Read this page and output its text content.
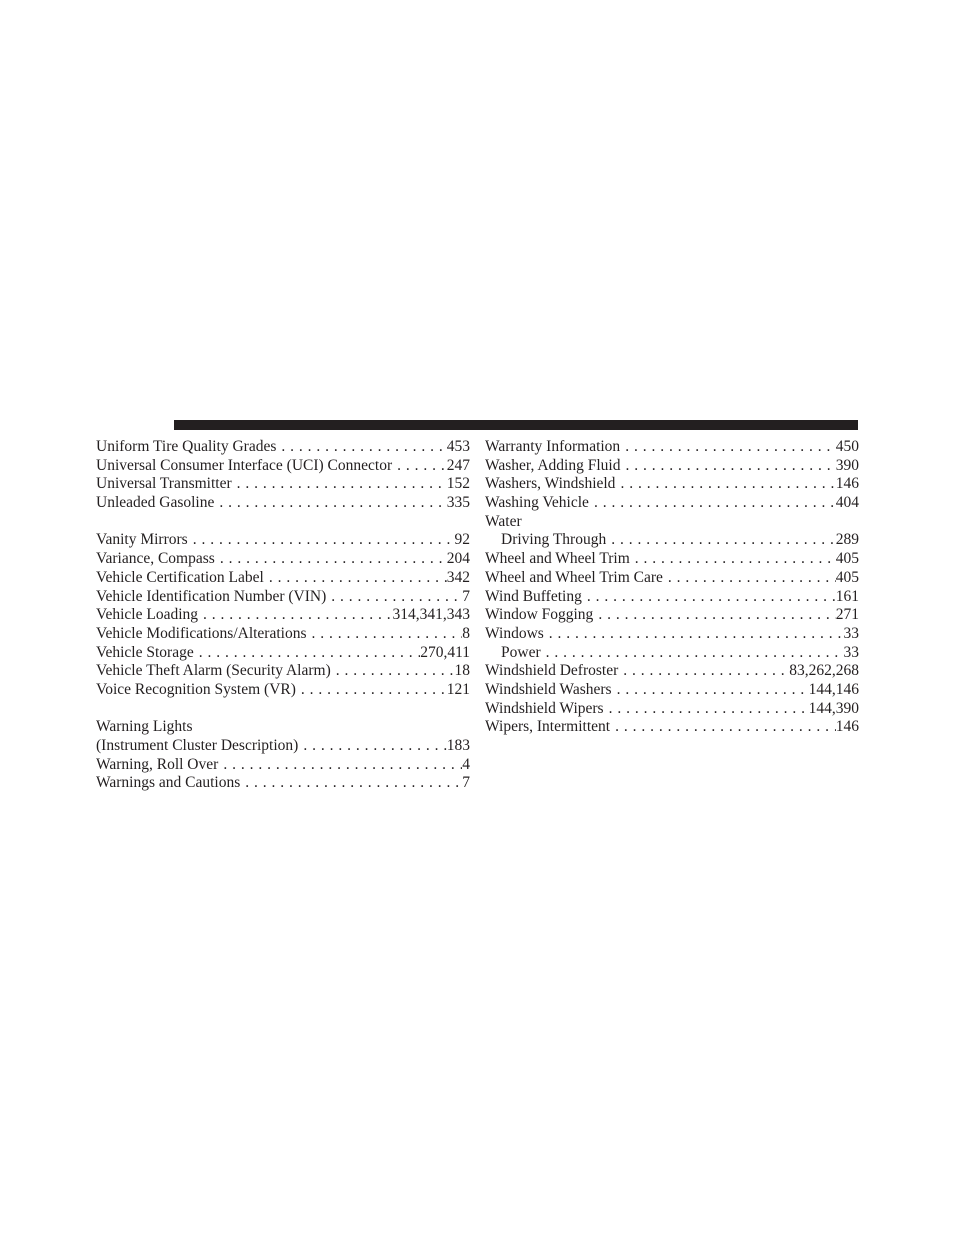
Uniform Tire Quality Grades . . .	453
Universal Consumer Interface (UCI) Connector . . .	247
Universal Transmitter . . .	152
Unleaded Gasoline . . .	335
Vanity Mirrors . . .	92
Variance, Compass . . .	204
Vehicle Certification Label . . .	342
Vehicle Identification Number (VIN) . . .	7
Vehicle Loading . . .	314,341,343
Vehicle Modifications/Alterations . . .	8
Vehicle Storage . . .	270,411
Vehicle Theft Alarm (Security Alarm) . . .	18
Voice Recognition System (VR) . . .	121
Warning Lights
(Instrument Cluster Description) . . .	183
Warning, Roll Over . . .	4
Warnings and Cautions . . .	7
Warranty Information . . .	450
Washer, Adding Fluid . . .	390
Washers, Windshield . . .	146
Washing Vehicle . . .	404
Water
Driving Through . . .	289
Wheel and Wheel Trim . . .	405
Wheel and Wheel Trim Care . . .	405
Wind Buffeting . . .	161
Window Fogging . . .	271
Windows . . .	33
Power . . .	33
Windshield Defroster . . .	83,262,268
Windshield Washers . . .	144,146
Windshield Wipers . . .	144,390
Wipers, Intermittent . . .	146
